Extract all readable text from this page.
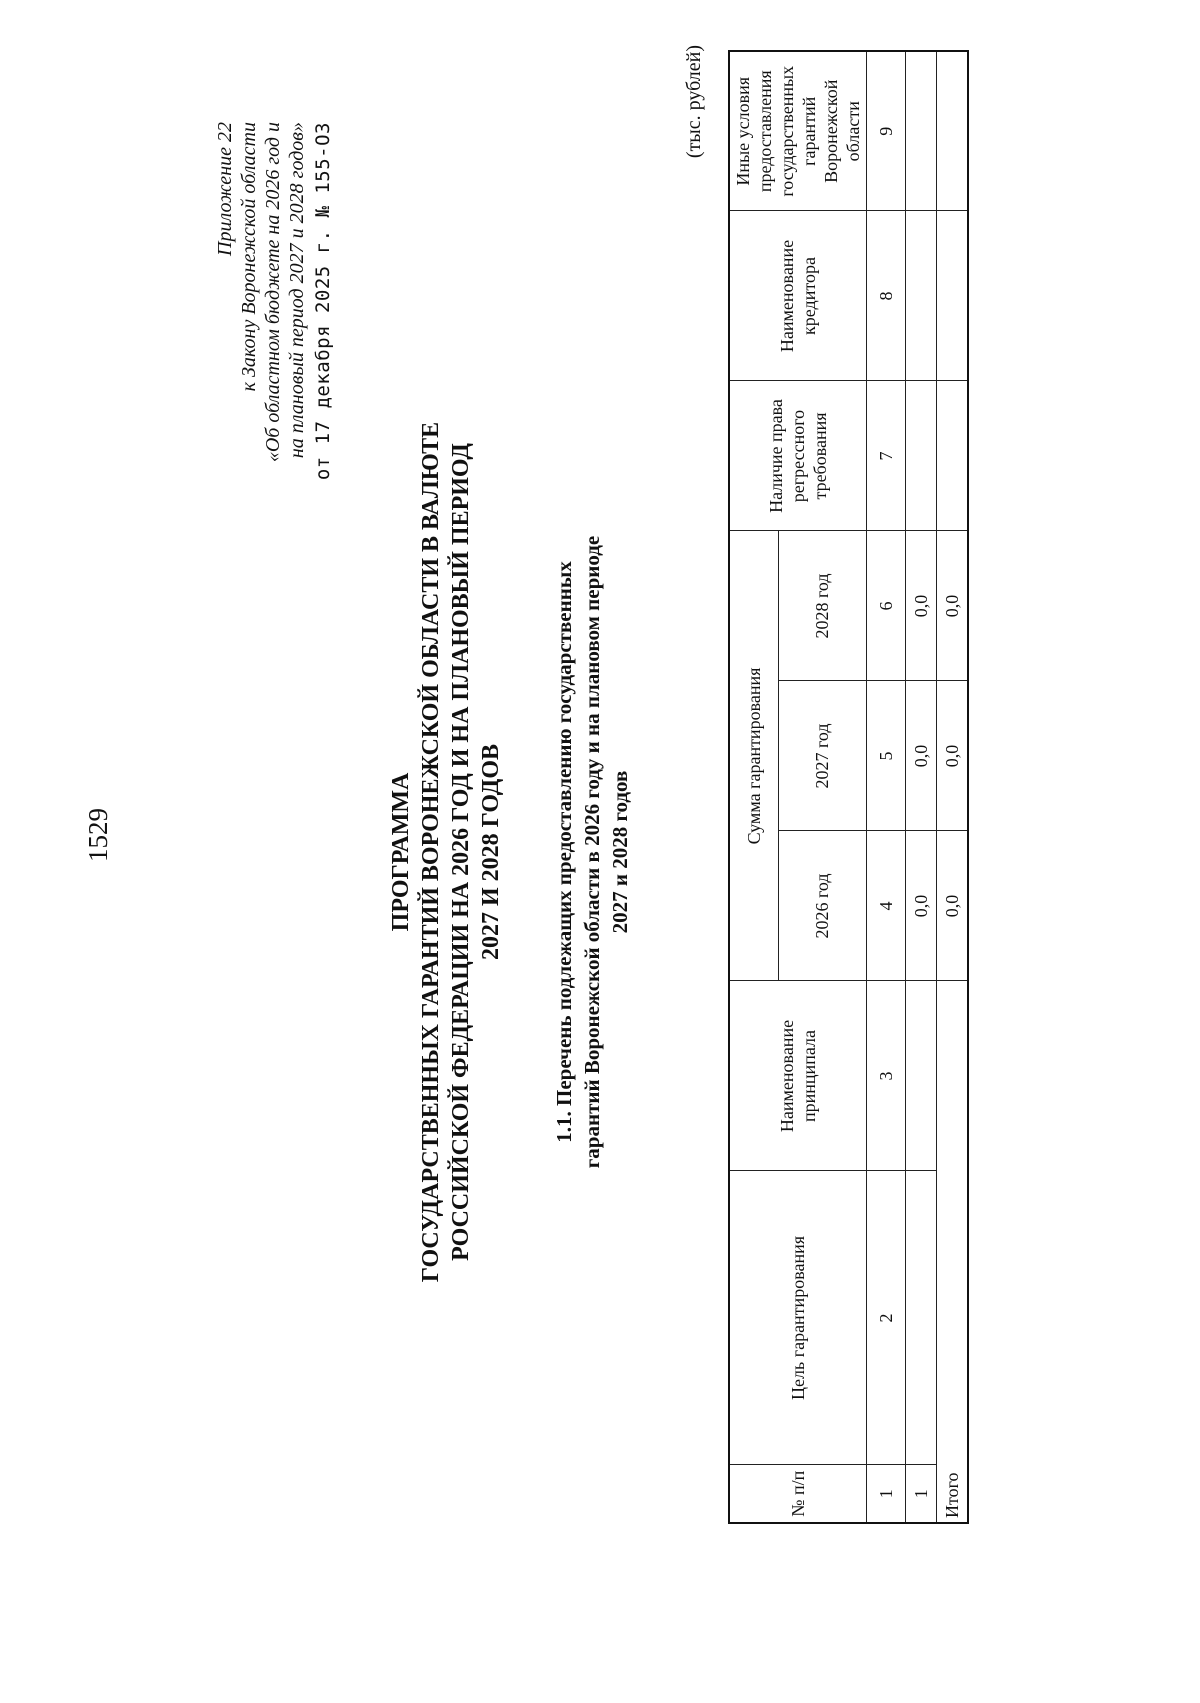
1529
Приложение 22 к Закону Воронежской области «Об областном бюджете на 2026 год и на плановый период 2027 и 2028 годов» от 17 декабря 2025 г. № 155-ОЗ
ПРОГРАММА ГОСУДАРСТВЕННЫХ ГАРАНТИЙ ВОРОНЕЖСКОЙ ОБЛАСТИ В ВАЛЮТЕ РОССИЙСКОЙ ФЕДЕРАЦИИ НА 2026 ГОД И НА ПЛАНОВЫЙ ПЕРИОД 2027 И 2028 ГОДОВ 1.1. Перечень подлежащих предоставлению государственных гарантий Воронежской области в 2026 году и на плановом периоде 2027 и 2028 годов
(тыс. рублей)
№ п/п	Цель гарантирования	Наименование принципала	Сумма гарантирования			Наличие права регрессного требования	Наименование кредитора	Иные условия предоставления государственных гарантий Воронежской области
			2026 год	2027 год	2028 год			
1	2	3	4	5	6	7	8	9
1			0,0	0,0	0,0			
Итого			0,0	0,0	0,0			
